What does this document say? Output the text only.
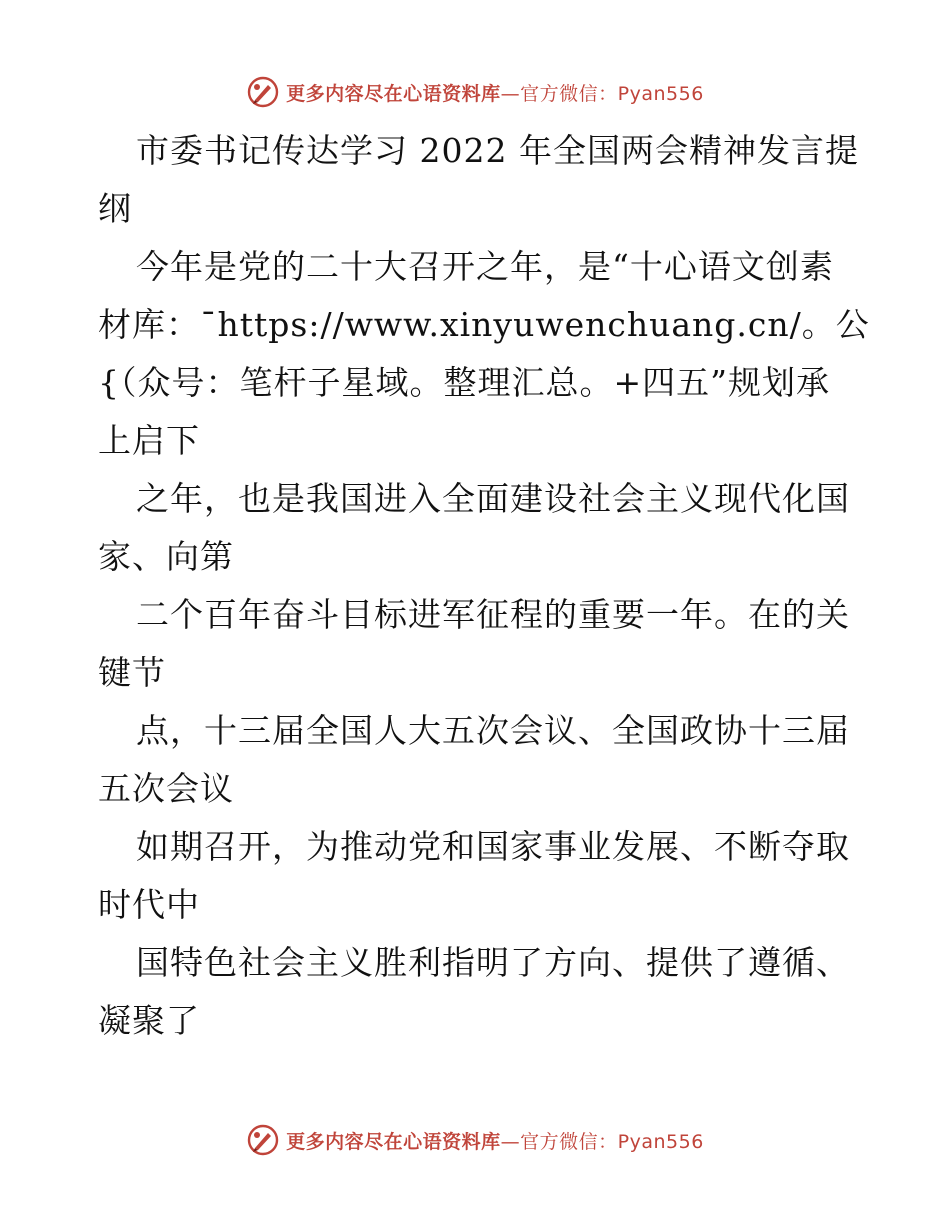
更多内容尽在心语资料库—官方微信：Pyan556
市委书记传达学习 2022 年全国两会精神发言提
纲
今年是党的二十大召开之年，是“十心语文创素
材库：¯https://www.xinyuwenchuang.cn/。公
{（众号：笔杆子星域。整理汇总。+四五”规划承
上启下
之年，也是我国进入全面建设社会主义现代化国
家、向第
二个百年奋斗目标进军征程的重要一年。在的关
键节
点，十三届全国人大五次会议、全国政协十三届
五次会议
如期召开，为推动党和国家事业发展、不断夺取
时代中
国特色社会主义胜利指明了方向、提供了遵循、
凝聚了
更多内容尽在心语资料库—官方微信：Pyan556
